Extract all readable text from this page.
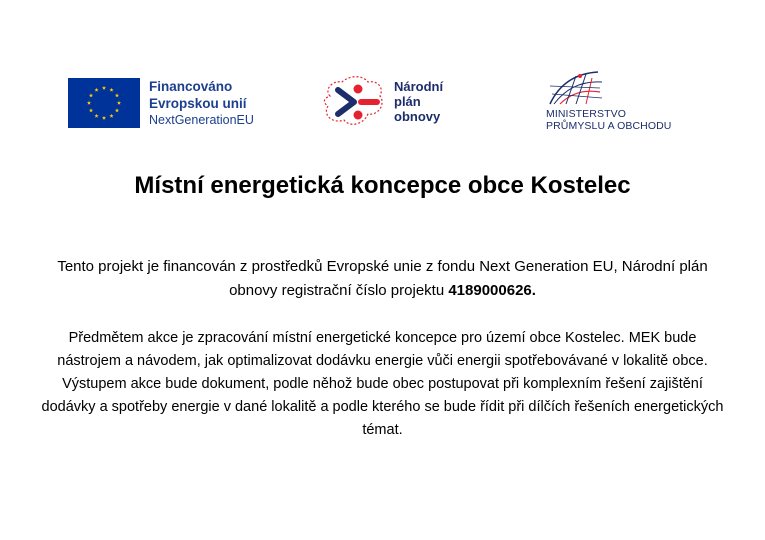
Financováno
Evropskou unií
NextGenerationEU
Národní
plán
obnovy	MINISTERSTVO
PRŮMYSLU A OBCHODU
Místní energetická koncepce obce Kostelec

Tento projekt je financován z prostředků Evropské unie z fondu Next Generation EU, Národní plán obnovy registrační číslo projektu 4189000626.

Předmětem akce je zpracování místní energetické koncepce pro území obce Kostelec. MEK bude nástrojem a návodem, jak optimalizovat dodávku energie vůči energii spotřebovávané v lokalitě obce. Výstupem akce bude dokument, podle něhož bude obec postupovat při komplexním řešení zajištění dodávky a spotřeby energie v dané lokalitě a podle kterého se bude řídit při dílčích řešeních energetických témat.
